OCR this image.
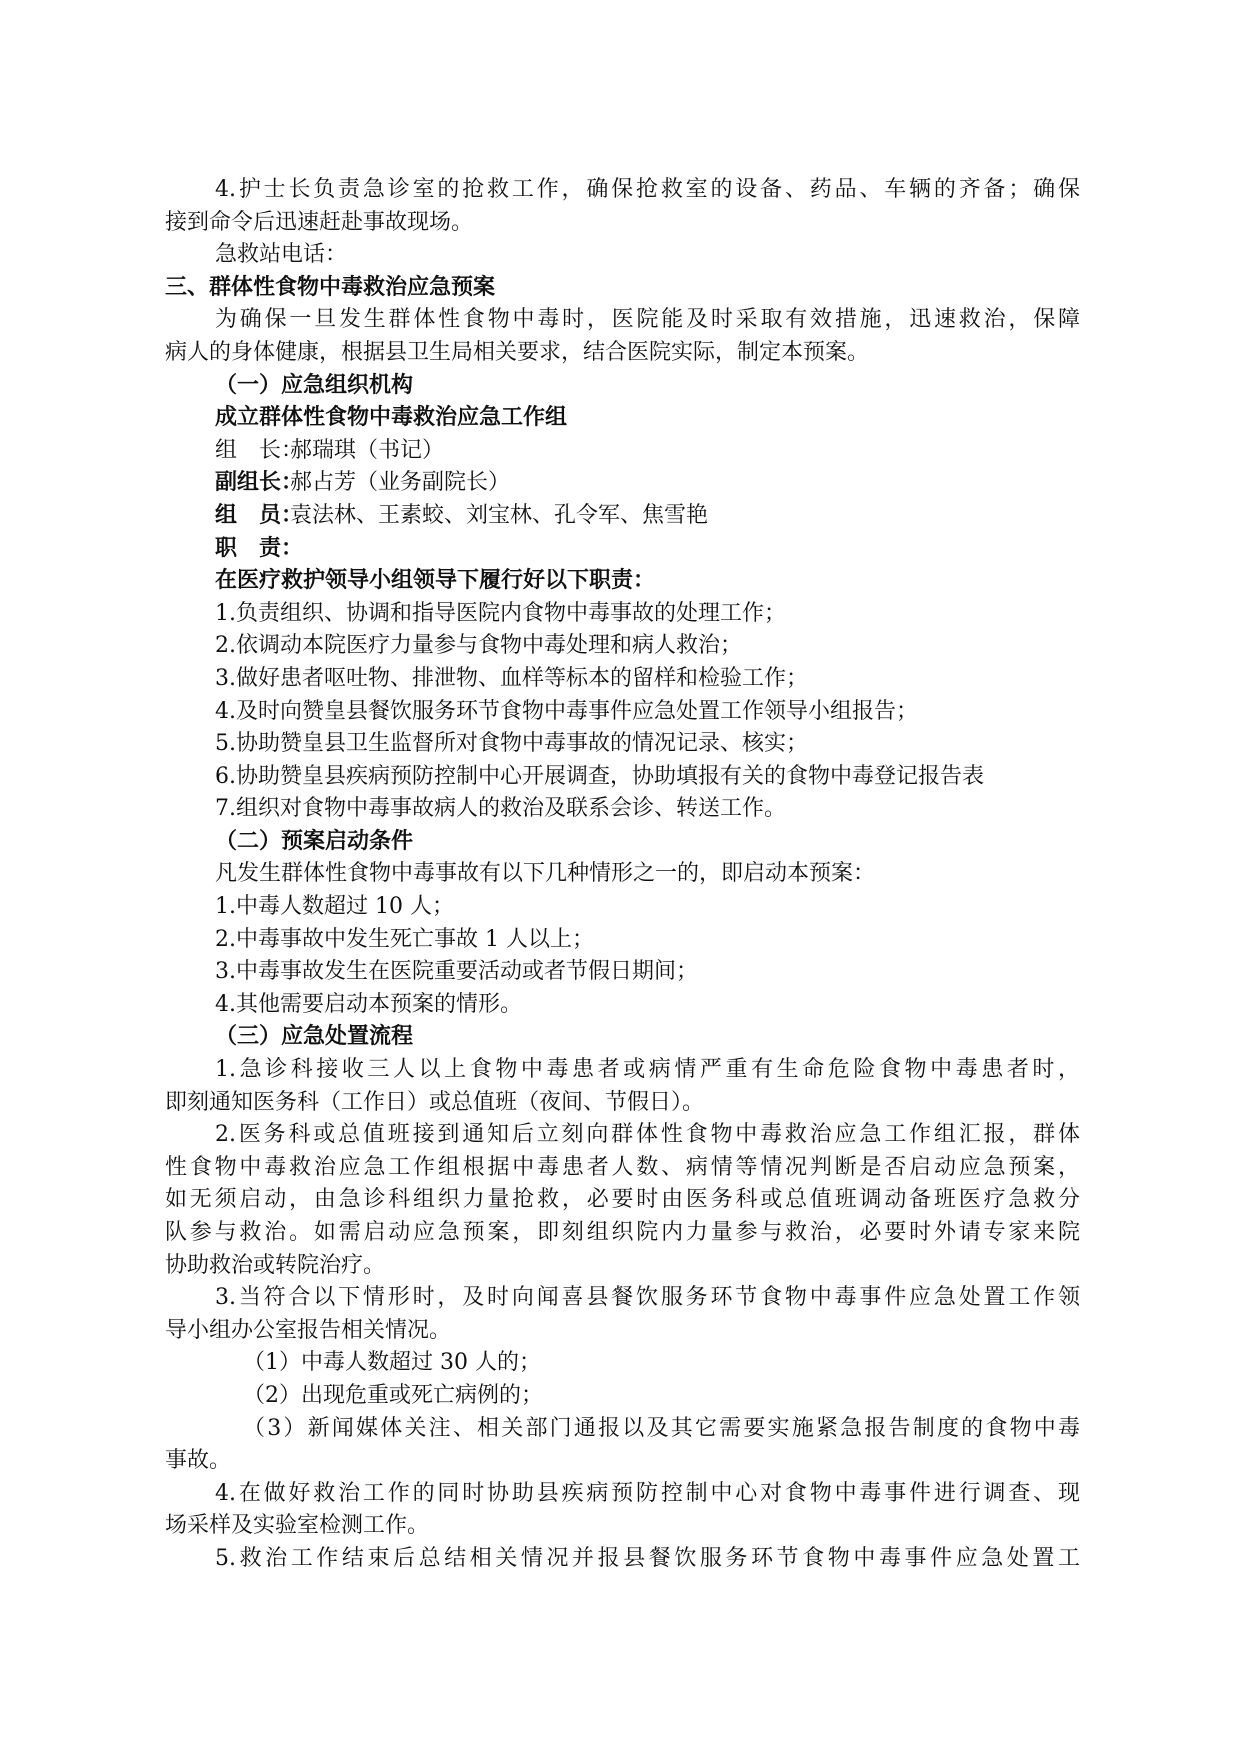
4.护士长负责急诊室的抢救工作，确保抢救室的设备、药品、车辆的齐备；确保
接到命令后迅速赶赴事故现场。
急救站电话：
三、群体性食物中毒救治应急预案
为确保一旦发生群体性食物中毒时，医院能及时采取有效措施，迅速救治，保障
病人的身体健康，根据县卫生局相关要求，结合医院实际，制定本预案。
（一）应急组织机构
成立群体性食物中毒救治应急工作组
组　长：郝瑞琪（书记）
副组长：郝占芳（业务副院长）
组　员：袁法林、王素蛟、刘宝林、孔令军、焦雪艳
职　责：
在医疗救护领导小组领导下履行好以下职责：
1.负责组织、协调和指导医院内食物中毒事故的处理工作；
2.依调动本院医疗力量参与食物中毒处理和病人救治；
3.做好患者呕吐物、排泄物、血样等标本的留样和检验工作；
4.及时向赞皇县餐饮服务环节食物中毒事件应急处置工作领导小组报告；
5.协助赞皇县卫生监督所对食物中毒事故的情况记录、核实；
6.协助赞皇县疾病预防控制中心开展调查，协助填报有关的食物中毒登记报告表
7.组织对食物中毒事故病人的救治及联系会诊、转送工作。
（二）预案启动条件
凡发生群体性食物中毒事故有以下几种情形之一的，即启动本预案：
1.中毒人数超过 10 人；
2.中毒事故中发生死亡事故 1 人以上；
3.中毒事故发生在医院重要活动或者节假日期间；
4.其他需要启动本预案的情形。
（三）应急处置流程
1.急诊科接收三人以上食物中毒患者或病情严重有生命危险食物中毒患者时，
即刻通知医务科（工作日）或总值班（夜间、节假日）。
2.医务科或总值班接到通知后立刻向群体性食物中毒救治应急工作组汇报，群体
性食物中毒救治应急工作组根据中毒患者人数、病情等情况判断是否启动应急预案，
如无须启动，由急诊科组织力量抢救，必要时由医务科或总值班调动备班医疗急救分
队参与救治。如需启动应急预案，即刻组织院内力量参与救治，必要时外请专家来院
协助救治或转院治疗。
3.当符合以下情形时，及时向闻喜县餐饮服务环节食物中毒事件应急处置工作领
导小组办公室报告相关情况。
（1）中毒人数超过 30 人的；
（2）出现危重或死亡病例的；
（3）新闻媒体关注、相关部门通报以及其它需要实施紧急报告制度的食物中毒
事故。
4.在做好救治工作的同时协助县疾病预防控制中心对食物中毒事件进行调查、现
场采样及实验室检测工作。
5.救治工作结束后总结相关情况并报县餐饮服务环节食物中毒事件应急处置工
